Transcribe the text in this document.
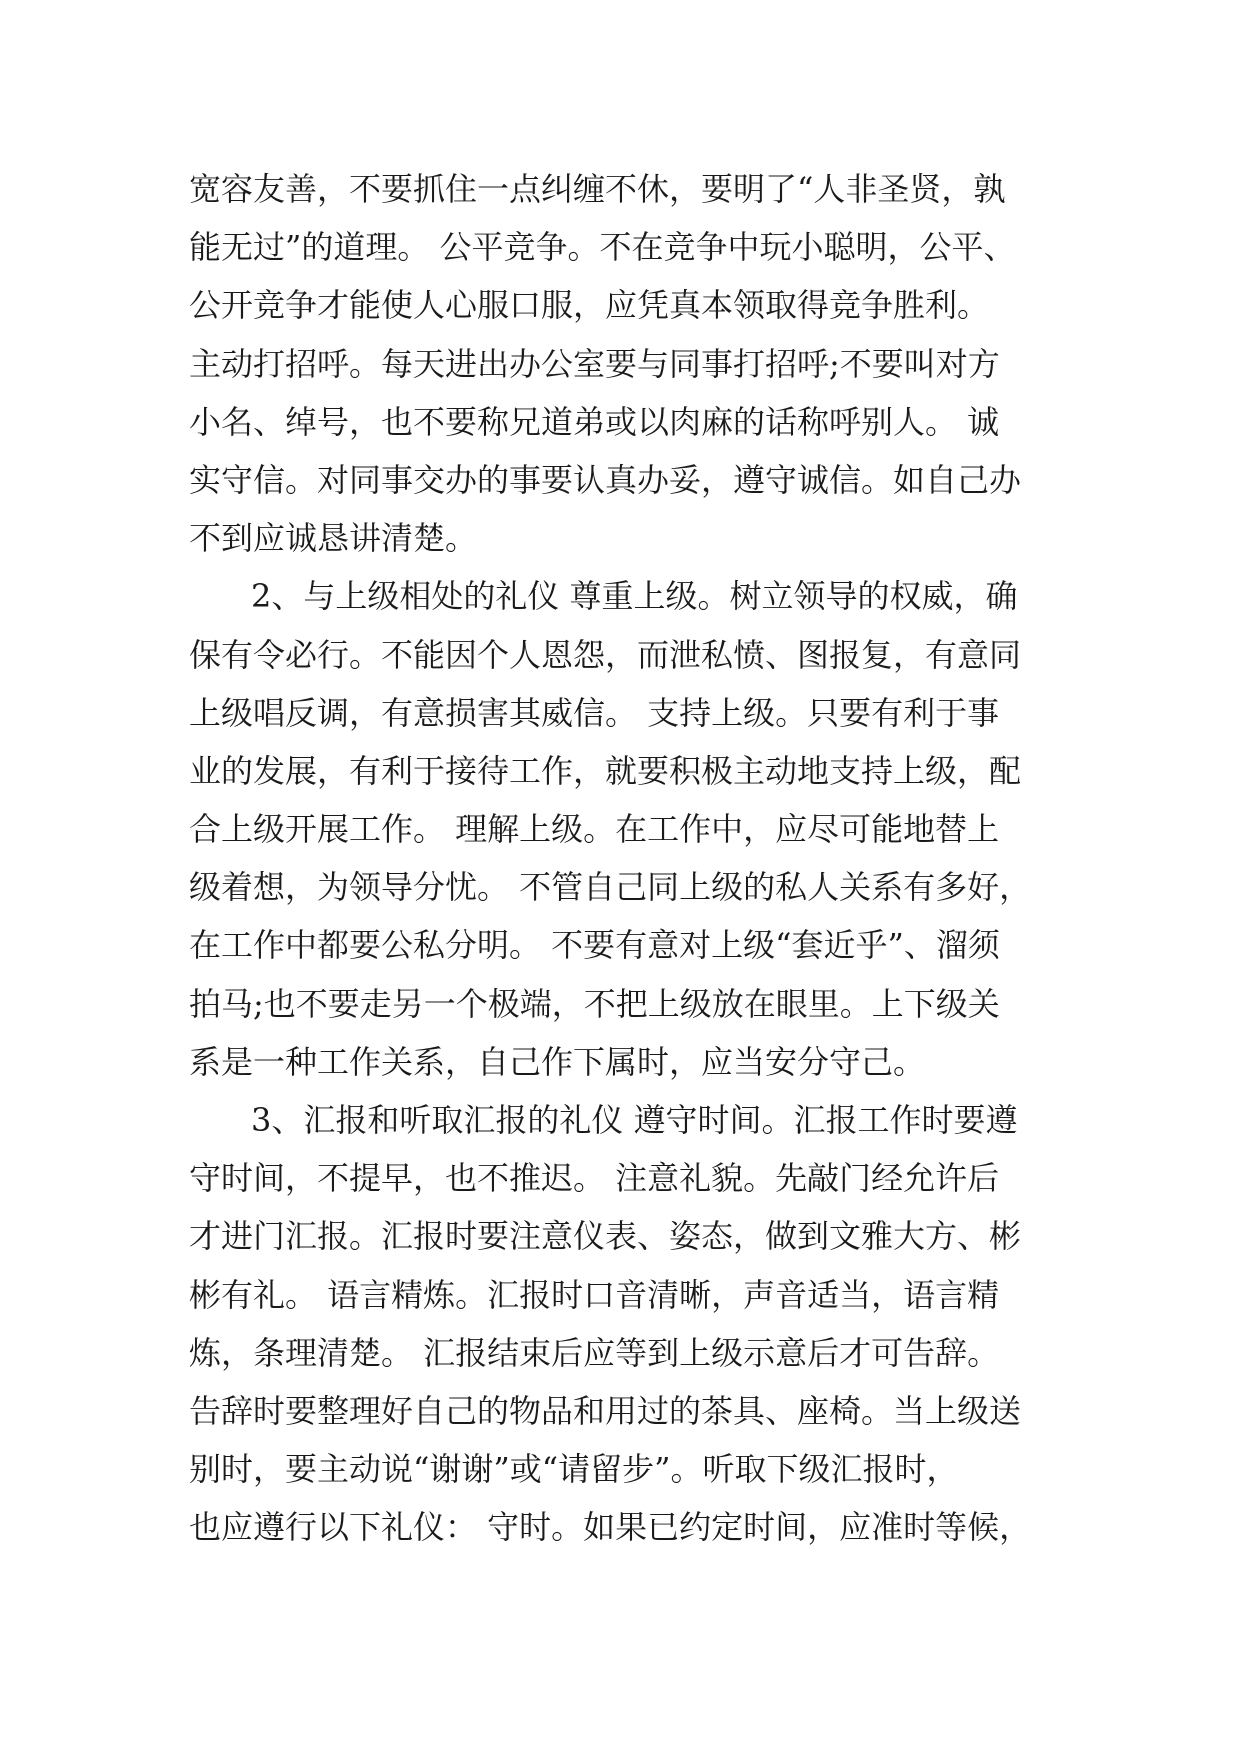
宽容友善，不要抓住一点纠缠不休，要明了“人非圣贤，孰
能无过”的道理。 公平竞争。不在竞争中玩小聪明，公平、
公开竞争才能使人心服口服，应凭真本领取得竞争胜利。
主动打招呼。每天进出办公室要与同事打招呼;不要叫对方
小名、绰号，也不要称兄道弟或以肉麻的话称呼别人。 诚
实守信。对同事交办的事要认真办妥，遵守诚信。如自己办
不到应诚恳讲清楚。
2、与上级相处的礼仪 尊重上级。树立领导的权威，确
保有令必行。不能因个人恩怨，而泄私愤、图报复，有意同
上级唱反调，有意损害其威信。 支持上级。只要有利于事
业的发展，有利于接待工作，就要积极主动地支持上级，配
合上级开展工作。 理解上级。在工作中，应尽可能地替上
级着想，为领导分忧。 不管自己同上级的私人关系有多好，
在工作中都要公私分明。 不要有意对上级“套近乎”、溜须
拍马;也不要走另一个极端，不把上级放在眼里。上下级关
系是一种工作关系，自己作下属时，应当安分守己。
3、汇报和听取汇报的礼仪 遵守时间。汇报工作时要遵
守时间，不提早，也不推迟。 注意礼貌。先敲门经允许后
才进门汇报。汇报时要注意仪表、姿态，做到文雅大方、彬
彬有礼。 语言精炼。汇报时口音清晰，声音适当，语言精
炼，条理清楚。 汇报结束后应等到上级示意后才可告辞。
告辞时要整理好自己的物品和用过的茶具、座椅。当上级送
别时，要主动说“谢谢”或“请留步”。听取下级汇报时，
也应遵行以下礼仪： 守时。如果已约定时间，应准时等候，
